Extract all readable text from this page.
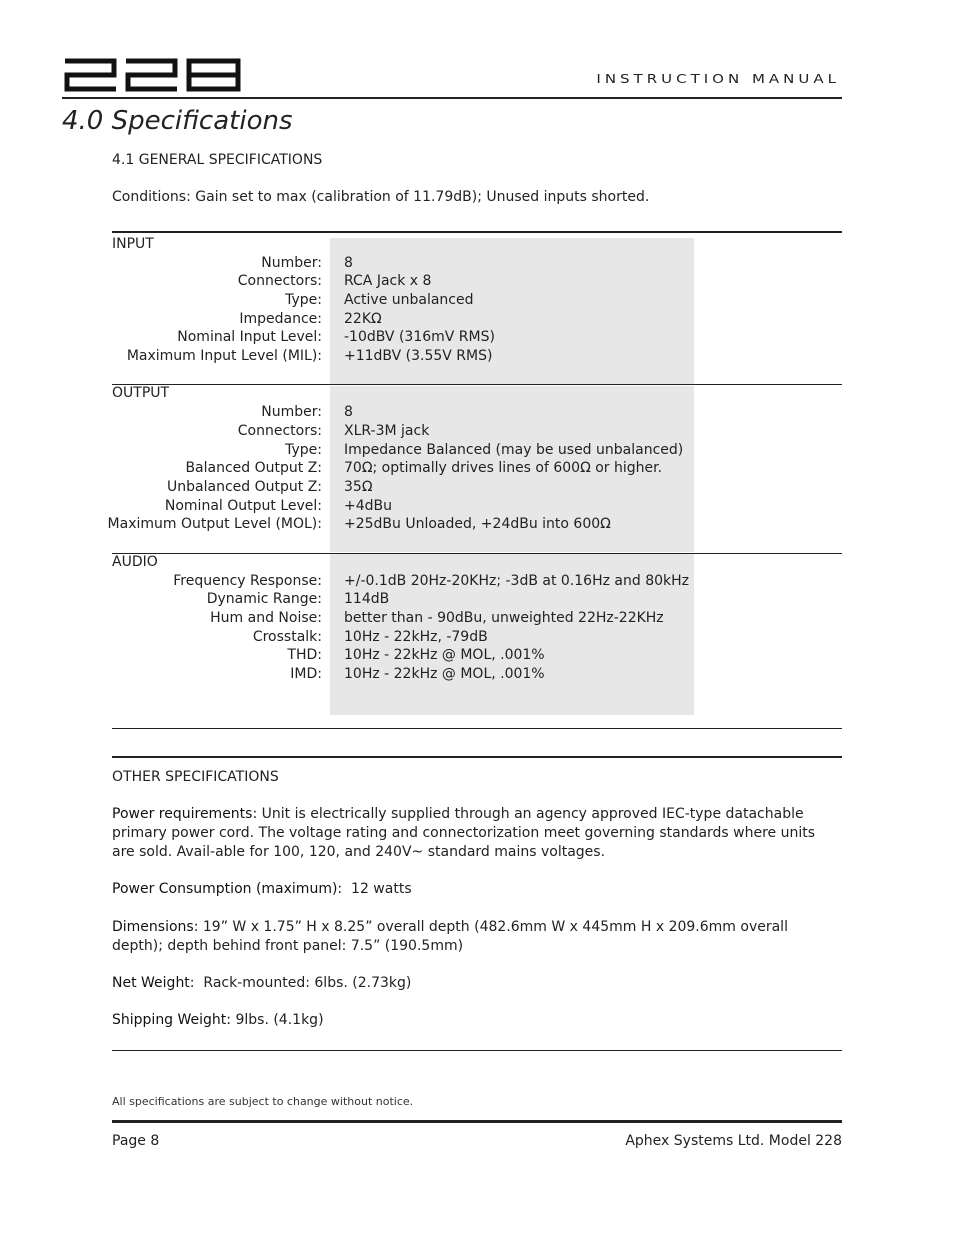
INSTRUCTION MANUAL
4.0 Specifications
4.1 GENERAL SPECIFICATIONS
Conditions: Gain set to max (calibration of 11.79dB); Unused inputs shorted.
INPUT
Number: 8
Connectors: RCA Jack x 8
Type: Active unbalanced
Impedance: 22KΩ
Nominal Input Level: -10dBV (316mV RMS)
Maximum Input Level (MIL): +11dBV (3.55V RMS)
OUTPUT
Number: 8
Connectors: XLR-3M jack
Type: Impedance Balanced (may be used unbalanced)
Balanced Output Z: 70Ω; optimally drives lines of 600Ω or higher.
Unbalanced Output Z: 35Ω
Nominal Output Level: +4dBu
Maximum Output Level (MOL): +25dBu Unloaded, +24dBu into 600Ω
AUDIO
Frequency Response: +/-0.1dB 20Hz-20KHz; -3dB at 0.16Hz and 80kHz
Dynamic Range: 114dB
Hum and Noise: better than - 90dBu, unweighted 22Hz-22KHz
Crosstalk: 10Hz - 22kHz, -79dB
THD: 10Hz - 22kHz @ MOL, .001%
IMD: 10Hz - 22kHz @ MOL, .001%
OTHER SPECIFICATIONS
Power requirements: Unit is electrically supplied through an agency approved IEC-type datachable primary power cord. The voltage rating and connectorization meet governing standards where units are sold. Avail-able for 100, 120, and 240V~ standard mains voltages.
Power Consumption (maximum):  12 watts
Dimensions: 19” W x 1.75” H x 8.25” overall depth (482.6mm W x 445mm H x 209.6mm overall depth); depth behind front panel: 7.5” (190.5mm)
Net Weight:  Rack-mounted: 6lbs. (2.73kg)
Shipping Weight: 9lbs. (4.1kg)
All specifications are subject to change without notice.
Page 8	Aphex Systems Ltd. Model 228
